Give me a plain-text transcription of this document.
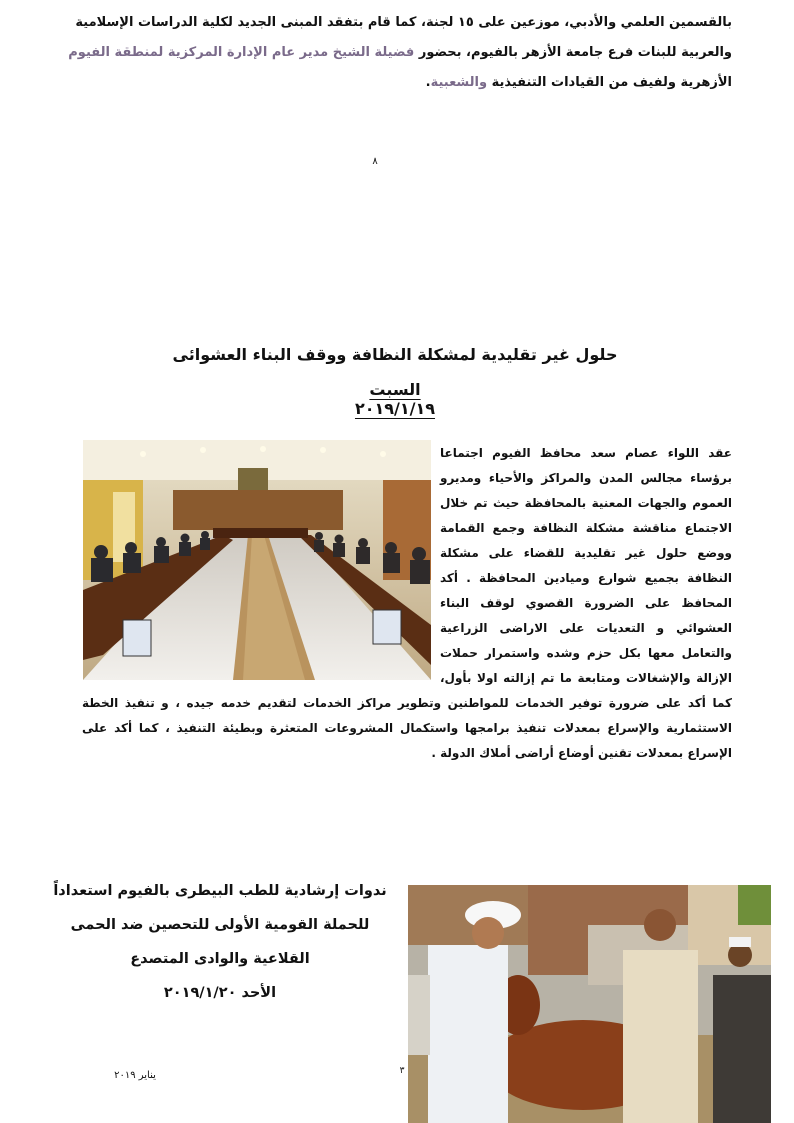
بالقسمين العلمي والأدبي، موزعين على ١٥ لجنة، كما قام بتفقد المبنى الجديد لكلية الدراسات الإسلامية
والعربية للبنات فرع جامعة الأزهر بالفيوم، بحضور فضيلة الشيخ مدير عام الإدارة المركزية لمنطقة الفيوم
الأزهرية ولفيف من القيادات التنفيذية والشعبية.

٨
حلول غير تقليدية لمشكلة النظافة ووقف البناء العشوائى
السبت ٢٠١٩/١/١٩
عقد اللواء عصام سعد محافظ الفيوم اجتماعا برؤساء مجالس المدن والمراكز والأحياء ومديرو العموم والجهات المعنية بالمحافظة حيث تم خلال الاجتماع مناقشة مشكلة النظافة وجمع القمامة ووضع حلول غير تقليدية للقضاء على مشكلة النظافة بجميع شوارع وميادين المحافظة . أكد المحافظ على الضرورة القصوي لوقف البناء العشوائي و التعديات على الاراضى الزراعية والتعامل معها بكل حزم وشده واستمرار حملات الإزالة والإشغالات ومتابعة ما تم إزالته اولا بأول، كما أكد على ضرورة توفير الخدمات للمواطنين وتطوير مراكز الخدمات لتقديم خدمه جيده ، و تنفيذ الخطة الاستثمارية والإسراع بمعدلات تنفيذ برامجها واستكمال المشروعات المتعثرة وبطيئة التنفيذ ، كما أكد على الإسراع بمعدلات تقنين أوضاع أراضى أملاك الدولة .
ندوات إرشادية للطب البيطرى بالفيوم استعداداً
للحملة القومية الأولى للتحصين ضد الحمى
القلاعية والوادى المتصدع
الأحد ٢٠١٩/١/٢٠
يناير ٢٠١٩	٣
